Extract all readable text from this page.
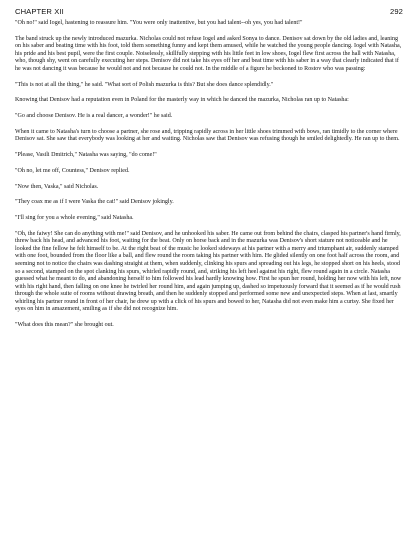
CHAPTER XII	292

"Oh no!" said Iogel, hastening to reassure him. "You were only inattentive, but you had talent--oh yes, you had talent!"

The band struck up the newly introduced mazurka. Nicholas could not refuse Iogel and asked Sonya to dance. Denisov sat down by the old ladies and, leaning on his saber and beating time with his foot, told them something funny and kept them amused, while he watched the young people dancing. Iogel with Natasha, his pride and his best pupil, were the first couple. Noiselessly, skillfully stepping with his little feet in low shoes, Iogel flew first across the hall with Natasha, who, though shy, went on carefully executing her steps. Denisov did not take his eyes off her and beat time with his saber in a way that clearly indicated that if he was not dancing it was because he would not and not because he could not. In the middle of a figure he beckoned to Rostov who was passing:

"This is not at all the thing," he said. "What sort of Polish mazurka is this? But she does dance splendidly."

Knowing that Denisov had a reputation even in Poland for the masterly way in which he danced the mazurka, Nicholas ran up to Natasha:

"Go and choose Denisov. He is a real dancer, a wonder!" he said.

When it came to Natasha's turn to choose a partner, she rose and, tripping rapidly across in her little shoes trimmed with bows, ran timidly to the corner where Denisov sat. She saw that everybody was looking at her and waiting. Nicholas saw that Denisov was refusing though he smiled delightedly. He ran up to them.

"Please, Vasili Dmitrich," Natasha was saying, "do come!"

"Oh no, let me off, Countess," Denisov replied.

"Now then, Vaska," said Nicholas.

"They coax me as if I were Vaska the cat!" said Denisov jokingly.

"I'll sing for you a whole evening," said Natasha.

"Oh, the faiwy! She can do anything with me!" said Denisov, and he unhooked his saber. He came out from behind the chairs, clasped his partner's hand firmly, threw back his head, and advanced his foot, waiting for the beat. Only on horse back and in the mazurka was Denisov's short stature not noticeable and he looked the fine fellow he felt himself to be. At the right beat of the music he looked sideways at his partner with a merry and triumphant air, suddenly stamped with one foot, bounded from the floor like a ball, and flew round the room taking his partner with him. He glided silently on one foot half across the room, and seeming not to notice the chairs was dashing straight at them, when suddenly, clinking his spurs and spreading out his legs, he stopped short on his heels, stood so a second, stamped on the spot clanking his spurs, whirled rapidly round, and, striking his left heel against his right, flew round again in a circle. Natasha guessed what he meant to do, and abandoning herself to him followed his lead hardly knowing how. First he spun her round, holding her now with his left, now with his right hand, then falling on one knee he twirled her round him, and again jumping up, dashed so impetuously forward that it seemed as if he would rush through the whole suite of rooms without drawing breath, and then he suddenly stopped and performed some new and unexpected steps. When at last, smartly whirling his partner round in front of her chair, he drew up with a click of his spurs and bowed to her, Natasha did not even make him a curtsy. She fixed her eyes on him in amazement, smiling as if she did not recognize him.

"What does this mean?" she brought out.
